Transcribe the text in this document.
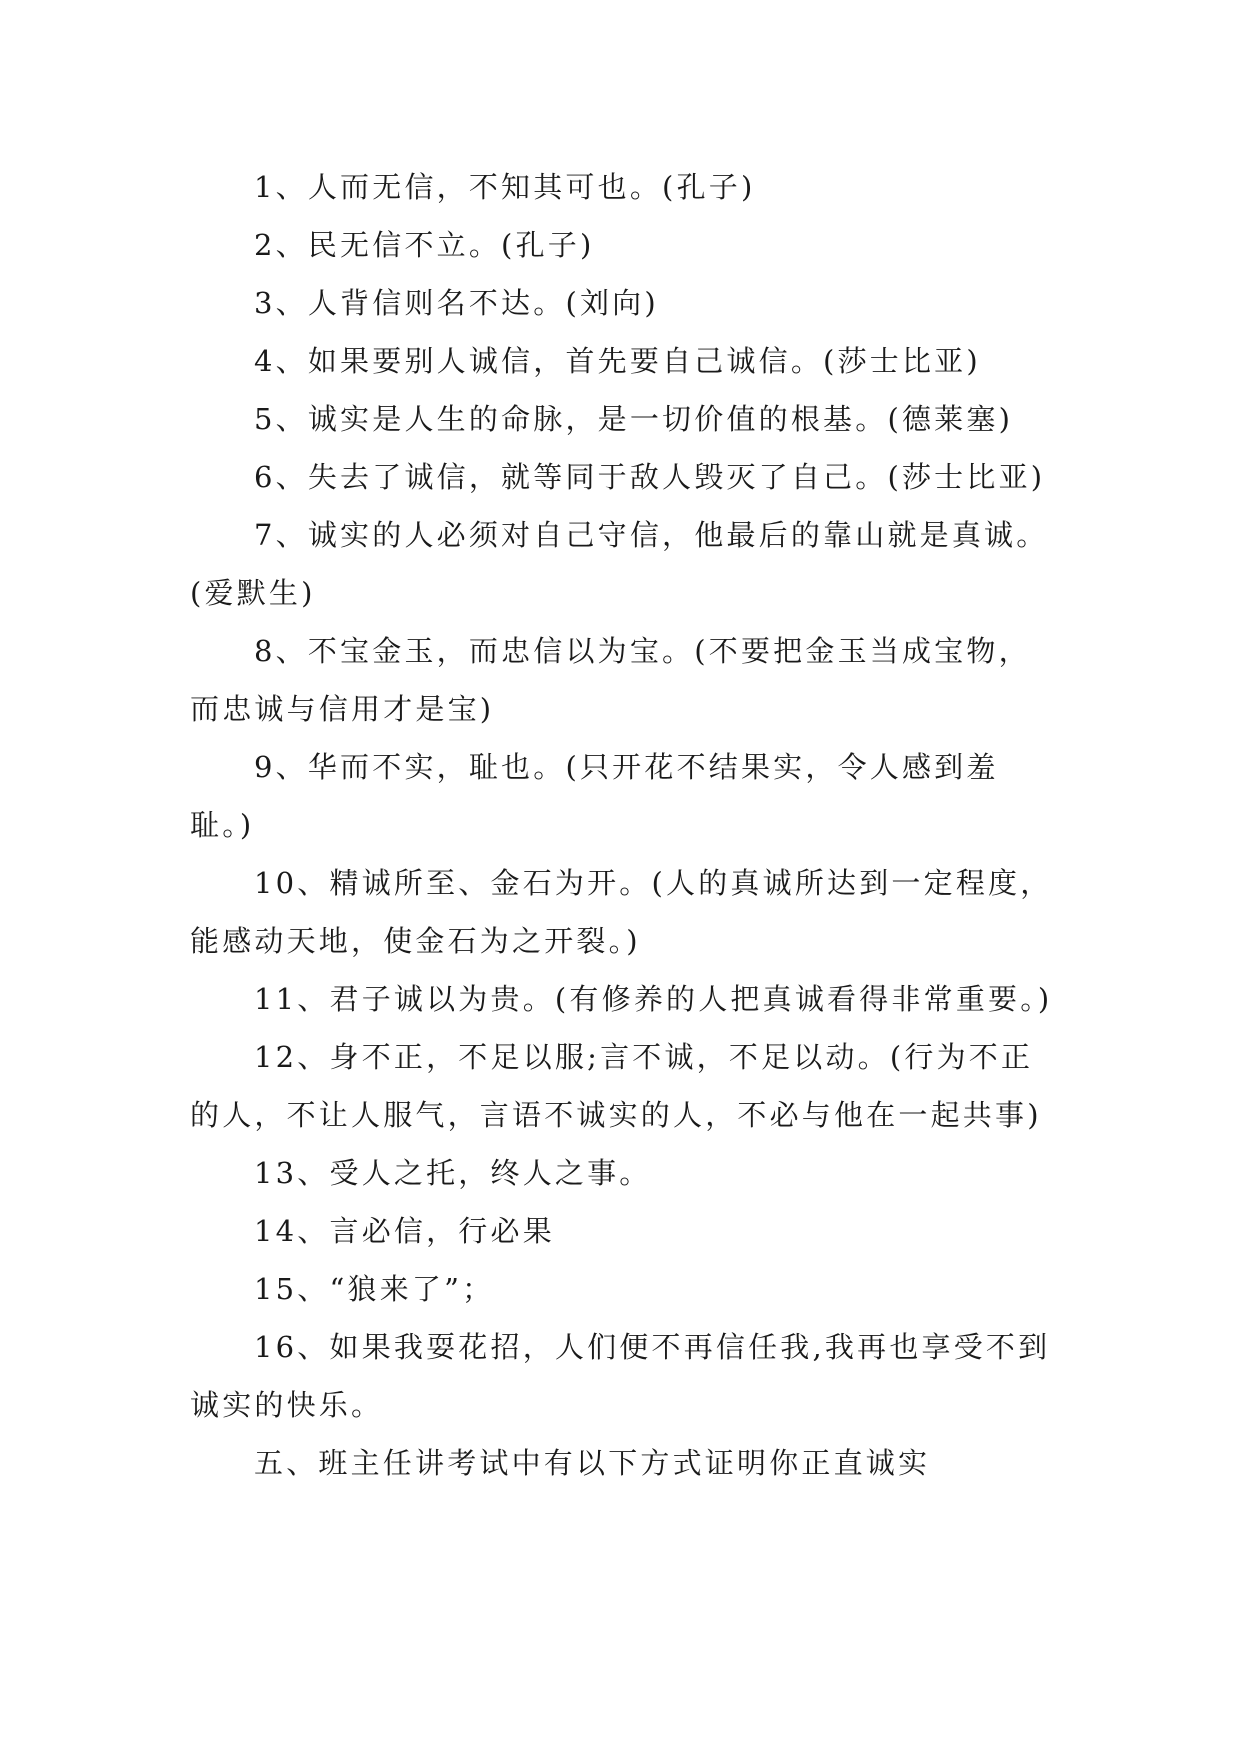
1、人而无信，不知其可也。(孔子)

2、民无信不立。(孔子)

3、人背信则名不达。(刘向)

4、如果要别人诚信，首先要自己诚信。(莎士比亚)

5、诚实是人生的命脉，是一切价值的根基。(德莱塞)

6、失去了诚信，就等同于敌人毁灭了自己。(莎士比亚)

7、诚实的人必须对自己守信，他最后的靠山就是真诚。(爱默生)

8、不宝金玉，而忠信以为宝。(不要把金玉当成宝物，而忠诚与信用才是宝)

9、华而不实，耻也。(只开花不结果实，令人感到羞耻。)

10、精诚所至、金石为开。(人的真诚所达到一定程度，能感动天地，使金石为之开裂。)

11、君子诚以为贵。(有修养的人把真诚看得非常重要。)

12、身不正，不足以服;言不诚，不足以动。(行为不正的人，不让人服气，言语不诚实的人，不必与他在一起共事)

13、受人之托，终人之事。

14、言必信，行必果

15、“狼来了”；

16、如果我耍花招，人们便不再信任我,我再也享受不到诚实的快乐。

五、班主任讲考试中有以下方式证明你正直诚实
